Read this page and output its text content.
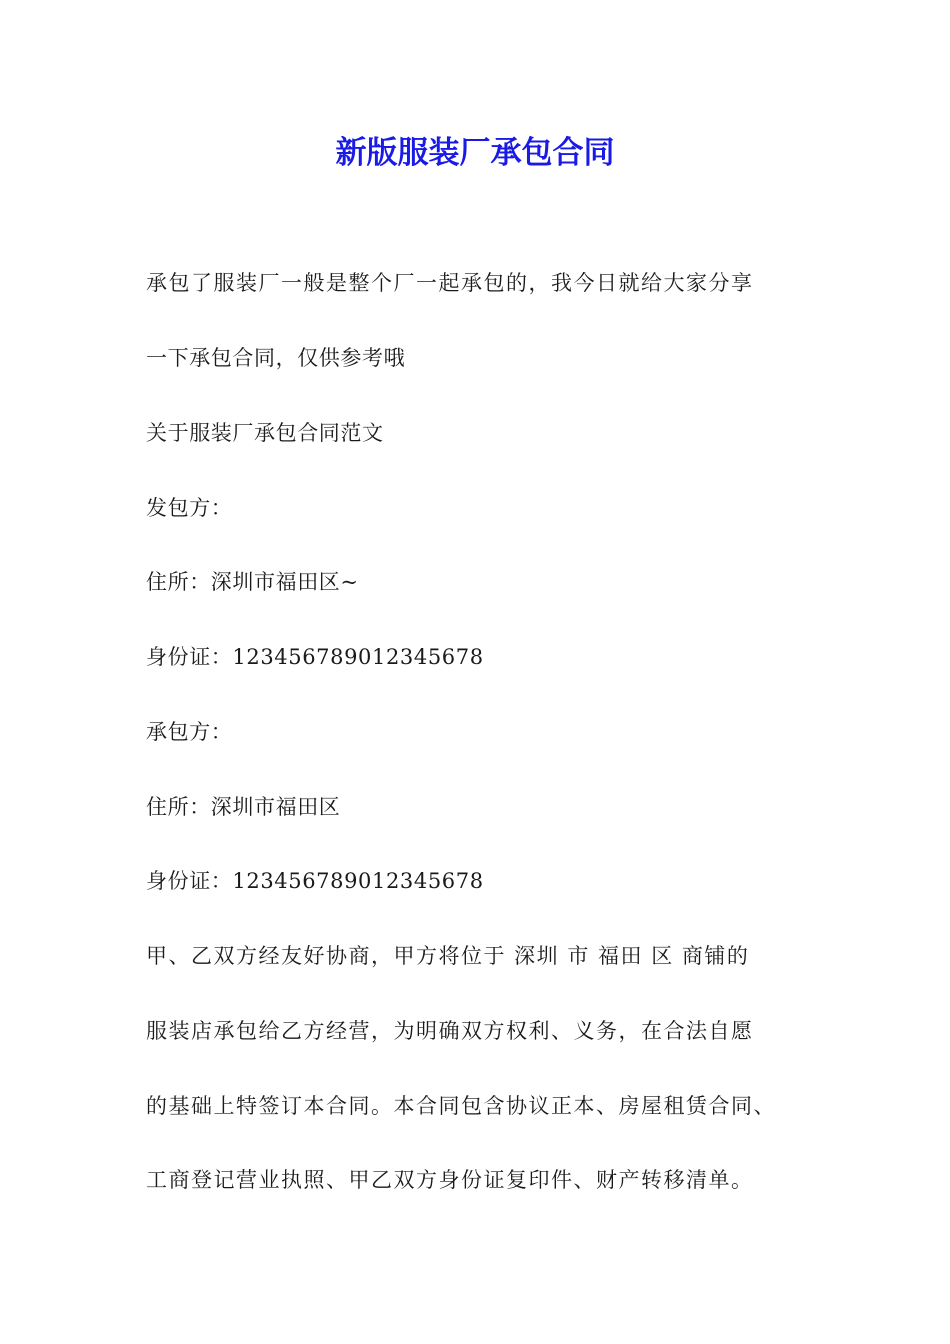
新版服装厂承包合同

承包了服装厂一般是整个厂一起承包的，我今日就给大家分享

一下承包合同，仅供参考哦

关于服装厂承包合同范文

发包方：

住所：深圳市福田区~

身份证：123456789012345678

承包方：

住所：深圳市福田区

身份证：123456789012345678

甲、乙双方经友好协商，甲方将位于 深圳 市 福田 区 商铺的

服装店承包给乙方经营，为明确双方权利、义务，在合法自愿

的基础上特签订本合同。本合同包含协议正本、房屋租赁合同、

工商登记营业执照、甲乙双方身份证复印件、财产转移清单。
